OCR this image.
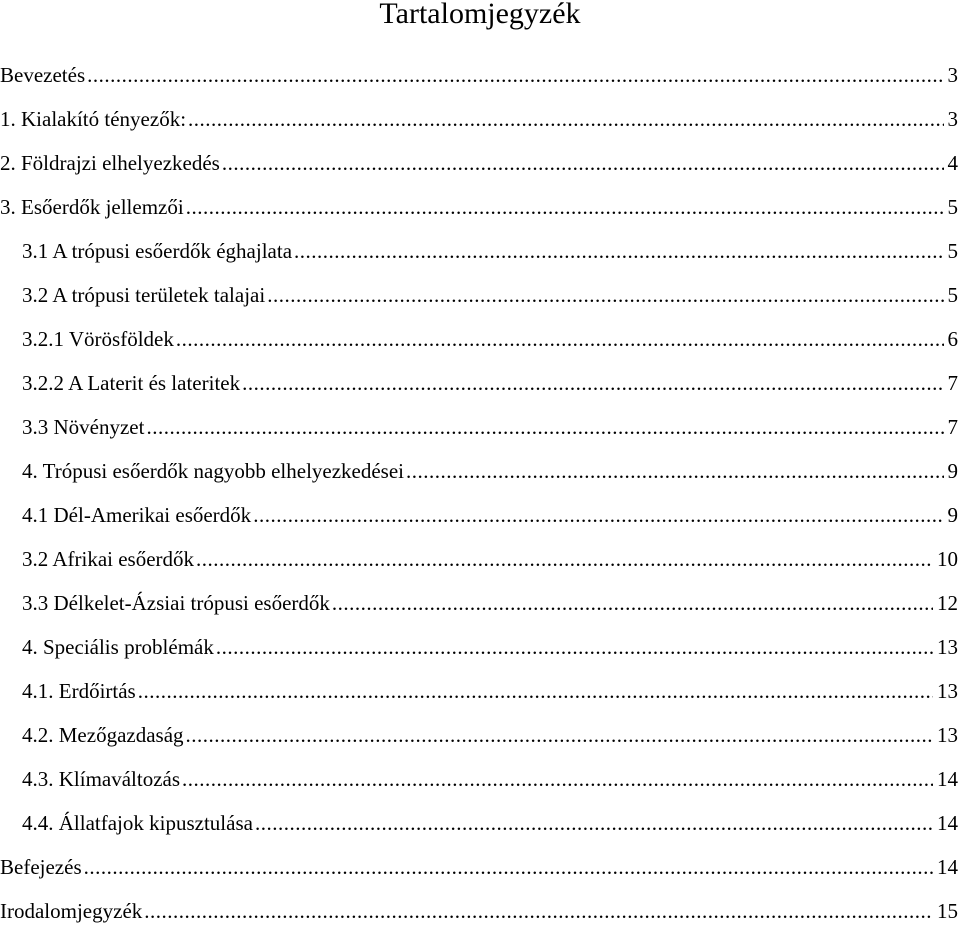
Tartalomjegyzék
Bevezetés .....	3
1. Kialakító tényezők: .....	3
2. Földrajzi elhelyezkedés .....	4
3. Esőerdők jellemzői .....	5
3.1 A trópusi esőerdők éghajlata .....	5
3.2 A trópusi területek talajai .....	5
3.2.1 Vörösföldek .....	6
3.2.2 A Laterit és lateritek .....	7
3.3 Növényzet .....	7
4. Trópusi esőerdők nagyobb elhelyezkedései .....	9
4.1 Dél-Amerikai esőerdők .....	9
3.2 Afrikai esőerdők .....	10
3.3 Délkelet-Ázsiai trópusi esőerdők .....	12
4. Speciális problémák .....	13
4.1. Erdőirtás .....	13
4.2. Mezőgazdaság .....	13
4.3. Klímaváltozás .....	14
4.4. Állatfajok kipusztulása .....	14
Befejezés .....	14
Irodalomjegyzék .....	15
